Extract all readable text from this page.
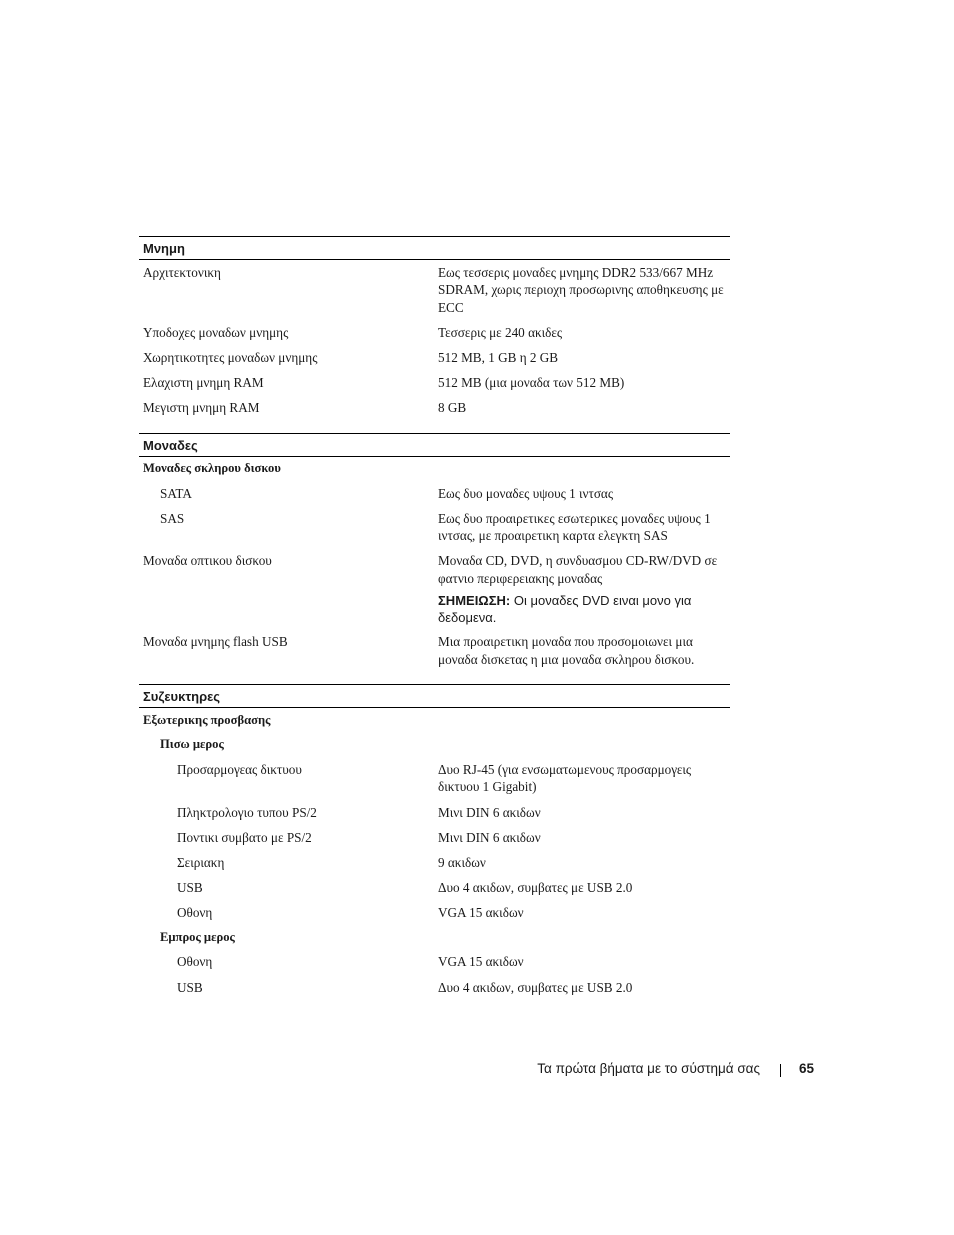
Μνημη
Αρχιτεκτονικη	Εως τεσσερις μοναδες μνημης DDR2 533/667 MHz SDRAM, χωρις περιοχη προσωρινης αποθηκευσης με ECC
Υποδοχες μοναδων μνημης	Τεσσερις με 240 ακιδες
Χωρητικοτητες μοναδων μνημης	512 MB, 1 GB η 2 GB
Ελαχιστη μνημη RAM	512 MB (μια μοναδα των 512 MB)
Μεγιστη μνημη RAM	8 GB
Μοναδες
Μοναδες σκληρου δισκου
SATA	Εως δυο μοναδες υψους 1 ιντσας
SAS	Εως δυο προαιρετικες εσωτερικες μοναδες υψους 1 ιντσας, με προαιρετικη καρτα ελεγκτη SAS
Μοναδα οπτικου δισκου	Μοναδα CD, DVD, η συνδυασμου CD-RW/DVD σε φατνιο περιφερειακης μοναδας
ΣΗΜΕΙΩΣΗ: Οι μοναδες DVD ειναι μονο για δεδομενα.
Μοναδα μνημης flash USB	Μια προαιρετικη μοναδα που προσομοιωνει μια μοναδα δισκετας η μια μοναδα σκληρου δισκου.
Συζευκτηρες
Εξωτερικης προσβασης
Πισω μερος
Προσαρμογεας δικτυου	Δυο RJ-45 (για ενσωματωμενους προσαρμογεις δικτυου 1 Gigabit)
Πληκτρολογιο τυπου PS/2	Μινι DIN 6 ακιδων
Ποντικι συμβατο με PS/2	Μινι DIN 6 ακιδων
Σειριακη	9 ακιδων
USB	Δυο 4 ακιδων, συμβατες με USB 2.0
Οθονη	VGA 15 ακιδων
Εμπρος μερος
Οθονη	VGA 15 ακιδων
USB	Δυο 4 ακιδων, συμβατες με USB 2.0
Τα πρώτα βήματα με το σύστημά σας	65
